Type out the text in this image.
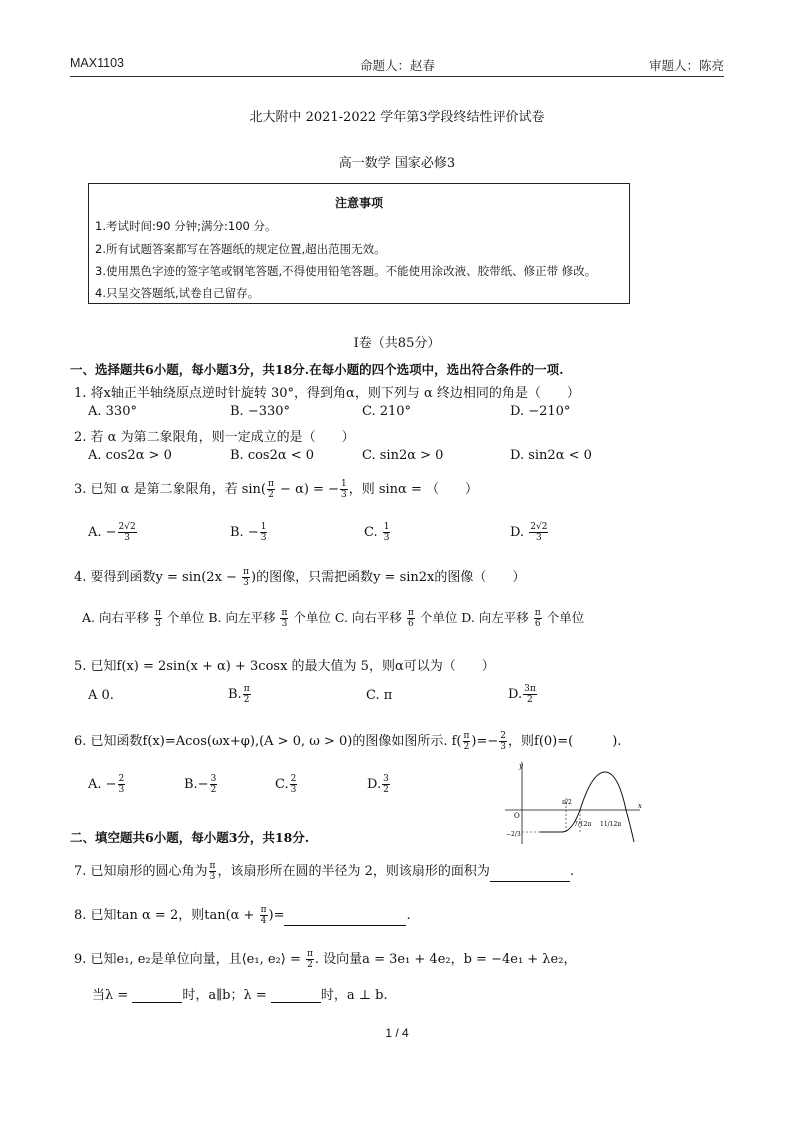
MAX1103	命题人：赵春	审题人：陈亮
北大附中 2021-2022 学年第3学段终结性评价试卷
高一数学 国家必修3
注意事项
1.考试时间:90 分钟;满分:100 分。
2.所有试题答案都写在答题纸的规定位置,超出范围无效。
3.使用黑色字迹的签字笔或钢笔答题,不得使用铅笔答题。不能使用涂改液、胶带纸、修正带 修改。
4.只呈交答题纸,试卷自己留存。
Ⅰ卷（共85分）
一、选择题共6小题，每小题3分，共18分.在每小题的四个选项中，选出符合条件的一项.
1. 将x轴正半轴绕原点逆时针旋转 30°，得到角α，则下列与 α 终边相同的角是（　　）
A. 330°	B. −330°	C. 210°	D. −210°
2. 若 α 为第二象限角，则一定成立的是（　　）
A. cos2α > 0	B. cos2α < 0	C. sin2α > 0	D. sin2α < 0
3. 已知 α 是第二象限角，若 $\sin( \frac{\pi}{2} - \alpha)$ = − $\frac{1}{3}$ ，则 sinα = （　　）
A. − $\frac{2√2}{3}$	B. − $\frac{1}{3}$	C. $\frac{1}{3}$	D. $\frac{2√2}{3}$
4. 要得到函数$y = \sin(2x - \frac{\pi}{3}$ )的图像，只需把函数y = sin2x的图像（　　）
A. 向右平移 $\frac{\pi}{3}$ 个单位 B. 向左平移 $\frac{\pi}{3}$ 个单位 C. 向右平移 $\frac{\pi}{6}$ 个单位 D. 向左平移 $\frac{\pi}{6}$ 个单位
5. 已知f(x) = 2sin(x + α) + 3cosx 的最大值为 5，则α可以为（　　）
A 0.	B. $\frac{\pi}{2}$	C. π	D. $\frac{3\pi}{2}$
6. 已知函数f(x)=Acos(ωx+φ),(A > 0, ω > 0)的图像如图所示. $f( \frac{\pi}{2}$ )=− $\frac{2}{3}$ ，则f(0)=(　　　).
A. − $\frac{2}{3}$	$B.- \frac{3}{2}$	C. $\frac{2}{3}$	D. $\frac{3}{2}$
y
x
O
π/2
7/12π 11/12π
−2/3
二、填空题共6小题，每小题3分，共18分.
7. 已知扇形的圆心角为 $\frac{\pi}{3}$ ，该扇形所在圆的半径为 2，则该扇形的面积为	.
8. 已知tan α = 2，则$\tan(\alpha + \frac{\pi}{4}$ )=	.
9. 已知e₁, e₂是单位向量，且⟨e₁, e₂⟩ = $\frac{\pi}{2}$ . 设向量a = 3e₁ + 4e₂，b = −4e₁ + λe₂，
当λ =	时，a∥b；λ =	时，a ⊥ b.
1 / 4
